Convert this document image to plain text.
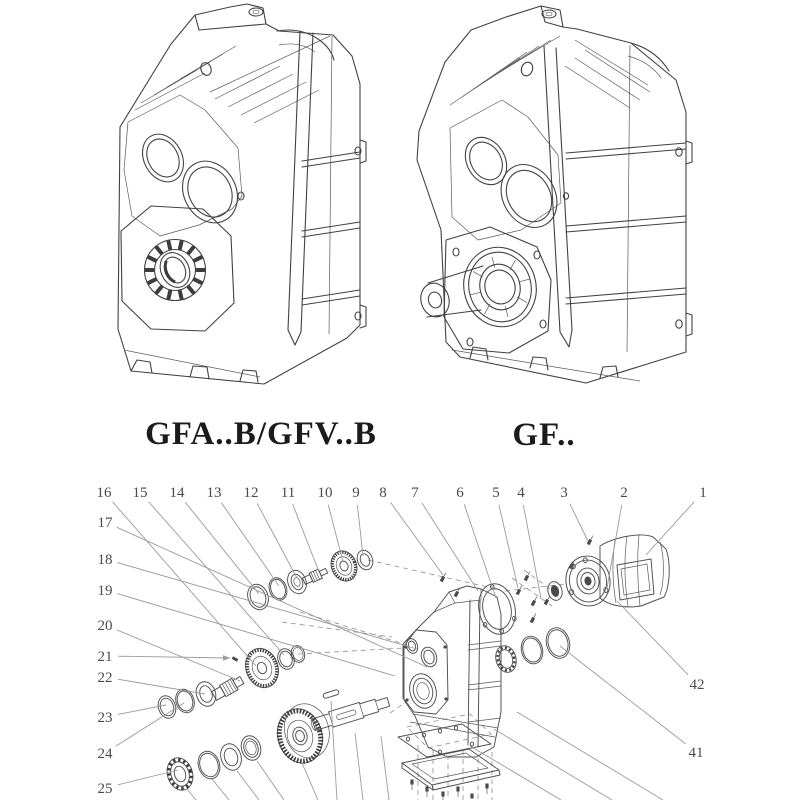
GFA..B/GFV..B	GF..
16 15 14 13 12 11 10 9 8 7	6 5 4 3	2	1
17
18
19
20
21
22
23
24
25
41
42
